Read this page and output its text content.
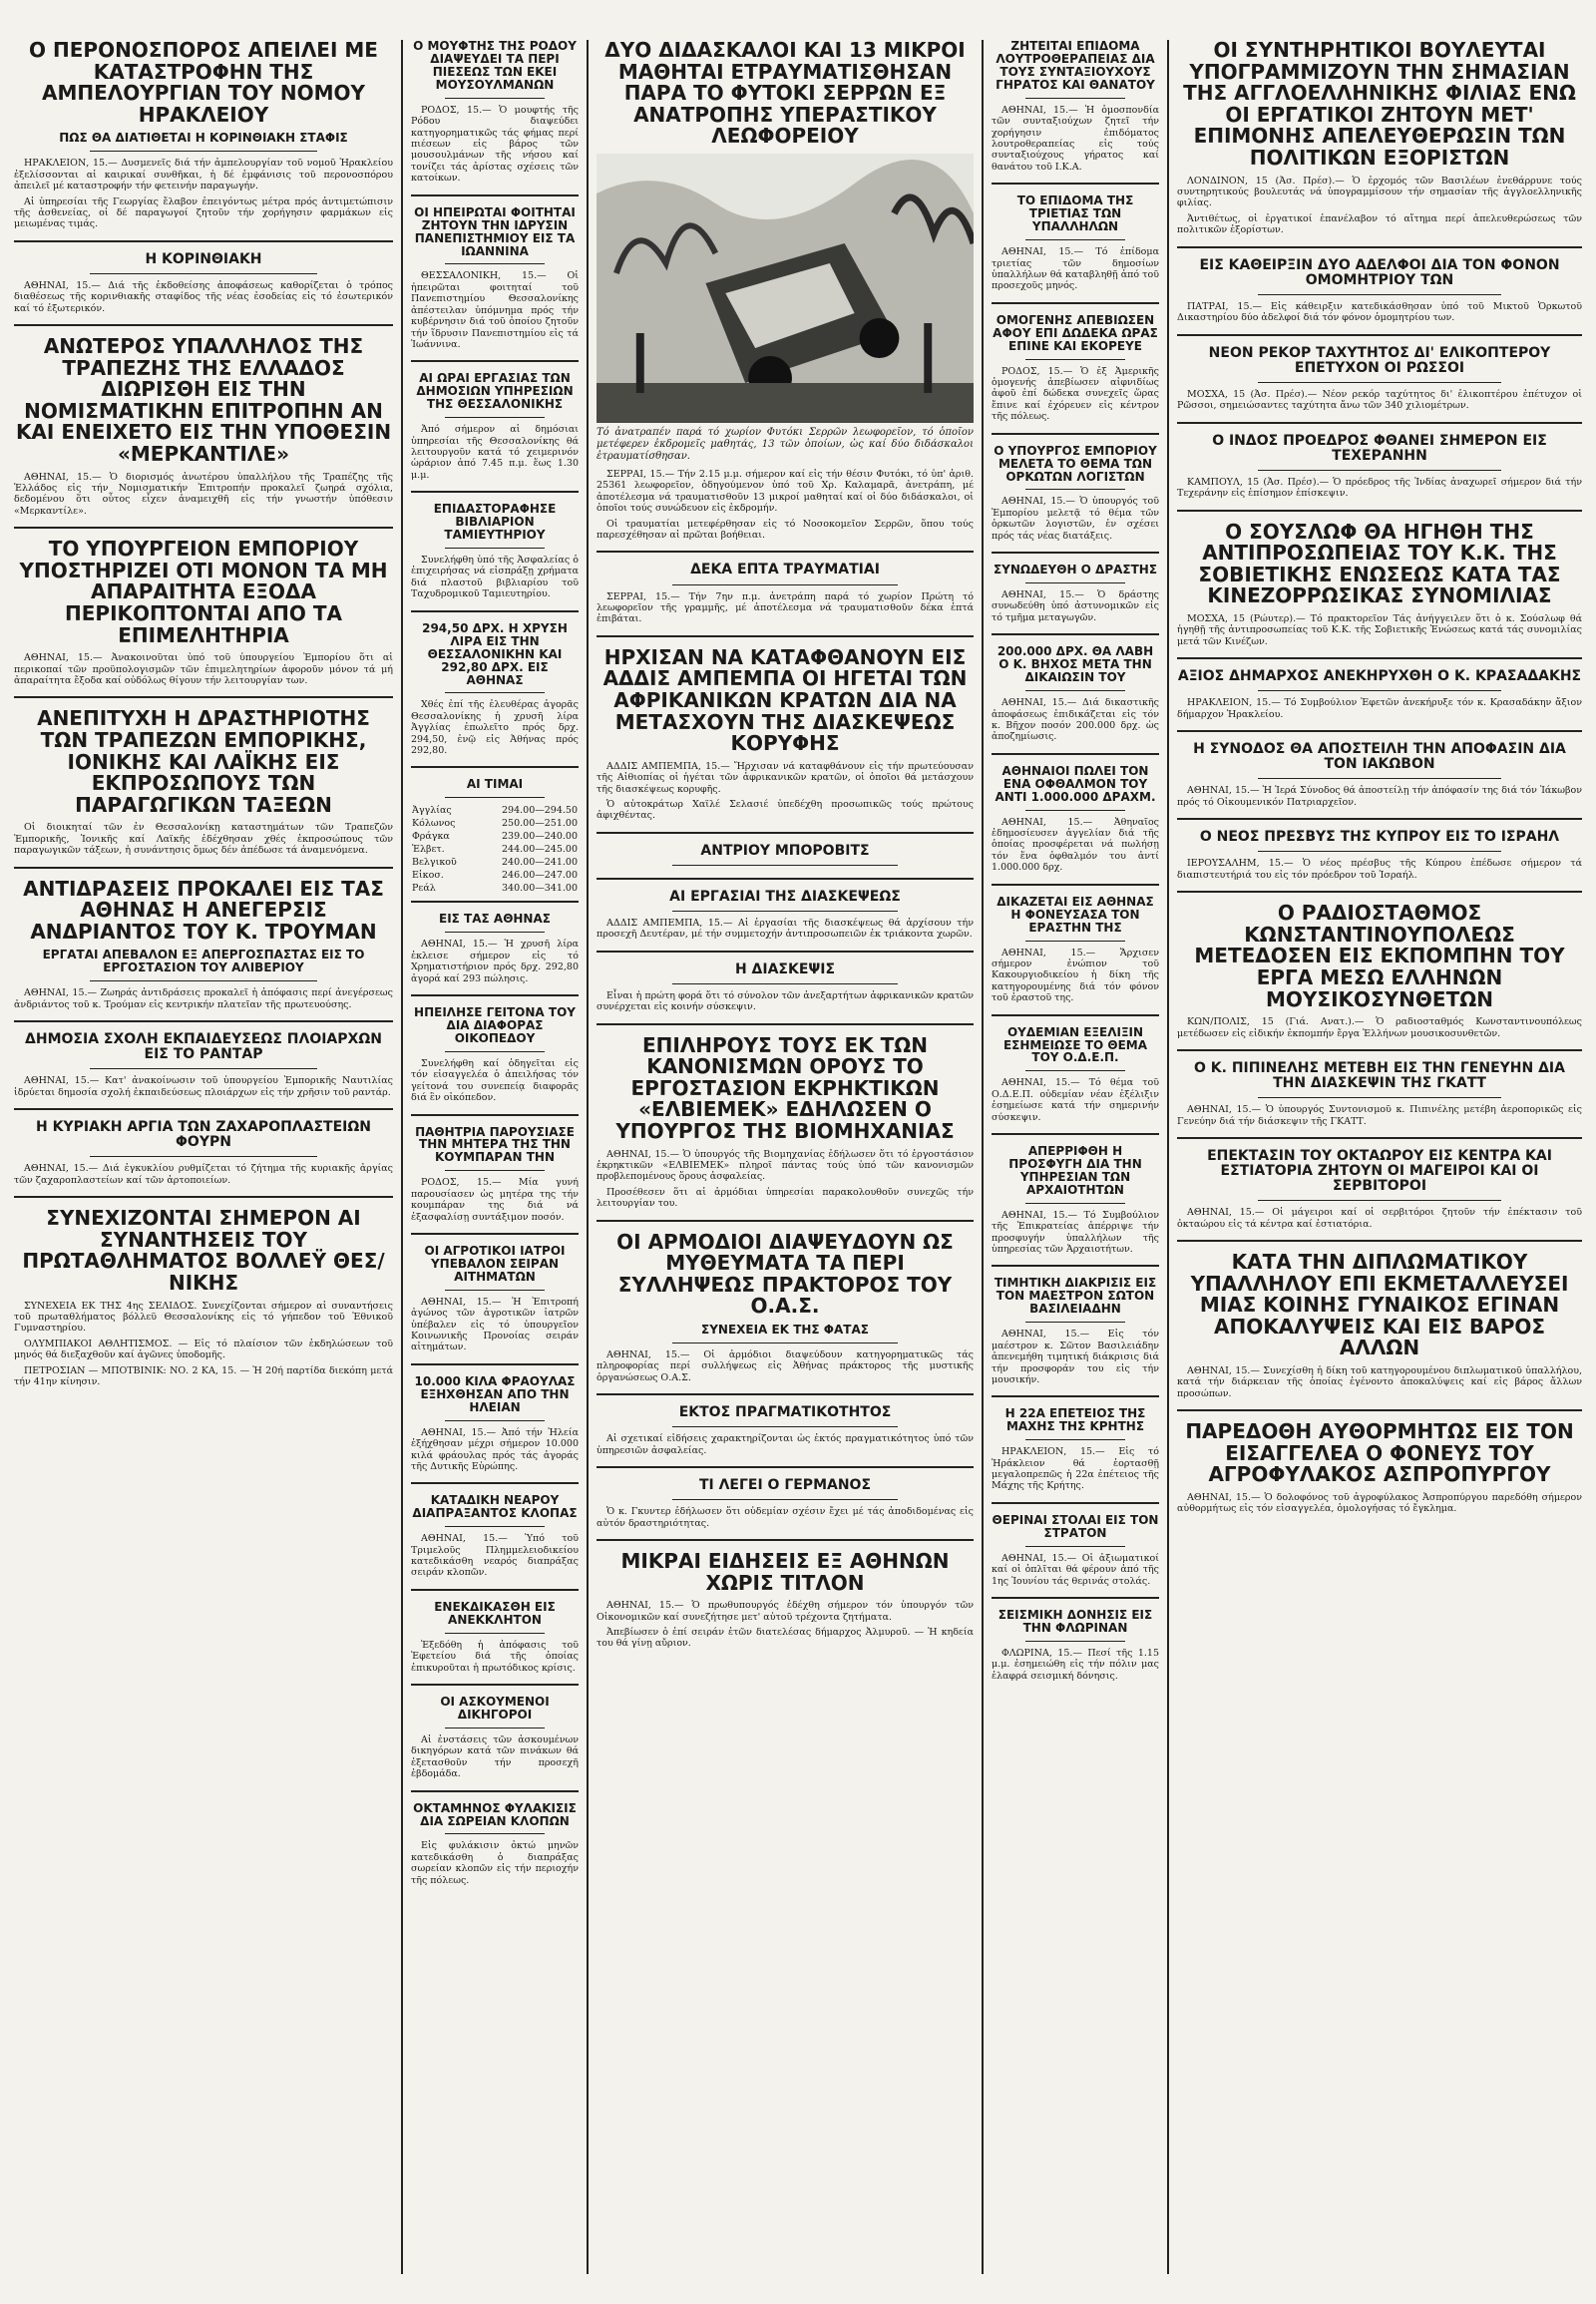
Ο ΠΕΡΟΝΟΣΠΟΡΟΣ ΑΠΕΙΛΕΙ ΜΕ ΚΑΤΑΣΤΡΟΦΗΝ ΤΗΣ ΑΜΠΕΛΟΥΡΓΙΑΝ ΤΟΥ ΝΟΜΟΥ ΗΡΑΚΛΕΙΟΥ
ΠΩΣ ΘΑ ΔΙΑΤΙΘΕΤΑΙ Η ΚΟΡΙΝΘΙΑΚΗ ΣΤΑΦΙΣ

ΗΡΑΚΛΕΙΟΝ, 15.— Δυσμενεῖς διά τήν ἀμπελουργίαν τοῦ νομοῦ Ἡρακλείου ἐξελίσσονται αἱ καιρικαί συνθῆκαι, ἡ δέ ἐμφάνισις τοῦ περονοσπόρου ἀπειλεῖ μέ καταστροφήν τήν φετεινήν παραγωγήν.

Αἱ ὑπηρεσίαι τῆς Γεωργίας ἔλαβον ἐπειγόντως μέτρα πρός ἀντιμετώπισιν τῆς ἀσθενείας, οἱ δέ παραγωγοί ζητοῦν τήν χορήγησιν φαρμάκων εἰς μειωμένας τιμάς.

Η ΚΟΡΙΝΘΙΑΚΗ

ΑΘΗΝΑΙ, 15.— Διά τῆς ἐκδοθείσης ἀποφάσεως καθορίζεται ὁ τρόπος διαθέσεως τῆς κορινθιακῆς σταφίδος τῆς νέας ἐσοδείας εἰς τό ἐσωτερικόν καί τό ἐξωτερικόν.

ΑΝΩΤΕΡΟΣ ΥΠΑΛΛΗΛΟΣ ΤΗΣ ΤΡΑΠΕΖΗΣ ΤΗΣ ΕΛΛΑΔΟΣ ΔΙΩΡΙΣΘΗ ΕΙΣ ΤΗΝ ΝΟΜΙΣΜΑΤΙΚΗΝ ΕΠΙΤΡΟΠΗΝ ΑΝ ΚΑΙ ΕΝΕΙΧΕΤΟ ΕΙΣ ΤΗΝ ΥΠΟΘΕΣΙΝ «ΜΕΡΚΑΝΤΙΛΕ»

ΑΘΗΝΑΙ, 15.— Ὁ διορισμός ἀνωτέρου ὑπαλλήλου τῆς Τραπέζης τῆς Ἑλλάδος εἰς τήν Νομισματικήν Ἐπιτροπήν προκαλεῖ ζωηρά σχόλια, δεδομένου ὅτι οὗτος εἶχεν ἀναμειχθῆ εἰς τήν γνωστήν ὑπόθεσιν «Μερκαντίλε».

ΤΟ ΥΠΟΥΡΓΕΙΟΝ ΕΜΠΟΡΙΟΥ ΥΠΟΣΤΗΡΙΖΕΙ ΟΤΙ ΜΟΝΟΝ ΤΑ ΜΗ ΑΠΑΡΑΙΤΗΤΑ ΕΞΟΔΑ ΠΕΡΙΚΟΠΤΟΝΤΑΙ ΑΠΟ ΤΑ ΕΠΙΜΕΛΗΤΗΡΙΑ

ΑΘΗΝΑΙ, 15.— Ἀνακοινοῦται ὑπό τοῦ ὑπουργείου Ἐμπορίου ὅτι αἱ περικοπαί τῶν προϋπολογισμῶν τῶν ἐπιμελητηρίων ἀφοροῦν μόνον τά μή ἀπαραίτητα ἔξοδα καί οὐδόλως θίγουν τήν λειτουργίαν των.

ΑΝΕΠΙΤΥΧΗ Η ΔΡΑΣΤΗΡΙΟΤΗΣ ΤΩΝ ΤΡΑΠΕΖΩΝ ΕΜΠΟΡΙΚΗΣ, ΙΟΝΙΚΗΣ ΚΑΙ ΛΑΪΚΗΣ ΕΙΣ ΕΚΠΡΟΣΩΠΟΥΣ ΤΩΝ ΠΑΡΑΓΩΓΙΚΩΝ ΤΑΞΕΩΝ

Οἱ διοικηταί τῶν ἐν Θεσσαλονίκῃ καταστημάτων τῶν Τραπεζῶν Ἐμπορικῆς, Ἰονικῆς καί Λαϊκῆς ἐδέχθησαν χθές ἐκπροσώπους τῶν παραγωγικῶν τάξεων, ἡ συνάντησις ὅμως δέν ἀπέδωσε τά ἀναμενόμενα.

ΑΝΤΙΔΡΑΣΕΙΣ ΠΡΟΚΑΛΕΙ ΕΙΣ ΤΑΣ ΑΘΗΝΑΣ Η ΑΝΕΓΕΡΣΙΣ ΑΝΔΡΙΑΝΤΟΣ ΤΟΥ Κ. ΤΡΟΥΜΑΝ
ΕΡΓΑΤΑΙ ΑΠΕΒΑΛΟΝ ΕΞ ΑΠΕΡΓΟΣΠΑΣΤΑΣ ΕΙΣ ΤΟ ΕΡΓΟΣΤΑΣΙΟΝ ΤΟΥ ΑΛΙΒΕΡΙΟΥ

ΑΘΗΝΑΙ, 15.— Ζωηράς ἀντιδράσεις προκαλεῖ ἡ ἀπόφασις περί ἀνεγέρσεως ἀνδριάντος τοῦ κ. Τρούμαν εἰς κεντρικήν πλατεῖαν τῆς πρωτευούσης.

ΔΗΜΟΣΙΑ ΣΧΟΛΗ ΕΚΠΑΙΔΕΥΣΕΩΣ ΠΛΟΙΑΡΧΩΝ ΕΙΣ ΤΟ ΡΑΝΤΑΡ

ΑΘΗΝΑΙ, 15.— Κατ' ἀνακοίνωσιν τοῦ ὑπουργείου Ἐμπορικῆς Ναυτιλίας ἱδρύεται δημοσία σχολή ἐκπαιδεύσεως πλοιάρχων εἰς τήν χρῆσιν τοῦ ραντάρ.

Η ΚΥΡΙΑΚΗ ΑΡΓΙΑ ΤΩΝ ΖΑΧΑΡΟΠΛΑΣΤΕΙΩΝ ΦΟΥΡΝ

ΑΘΗΝΑΙ, 15.— Διά ἐγκυκλίου ρυθμίζεται τό ζήτημα τῆς κυριακῆς ἀργίας τῶν ζαχαροπλαστείων καί τῶν ἀρτοποιείων.

ΣΥΝΕΧΙΖΟΝΤΑΙ ΣΗΜΕΡΟΝ ΑΙ ΣΥΝΑΝΤΗΣΕΙΣ ΤΟΥ ΠΡΩΤΑΘΛΗΜΑΤΟΣ ΒΟΛΛΕΫ ΘΕΣ/ΝΙΚΗΣ

ΣΥΝΕΧΕΙΑ ΕΚ ΤΗΣ 4ης ΣΕΛΙΔΟΣ. Συνεχίζονται σήμερον αἱ συναντήσεις τοῦ πρωταθλήματος βόλλεϋ Θεσσαλονίκης εἰς τό γήπεδον τοῦ Ἐθνικοῦ Γυμναστηρίου.

ΟΛΥΜΠΙΑΚΟΙ ΑΘΛΗΤΙΣΜΟΣ. — Εἰς τό πλαίσιον τῶν ἐκδηλώσεων τοῦ μηνός θά διεξαχθοῦν καί ἀγῶνες ὑποδομῆς.

ΠΕΤΡΟΣΙΑΝ — ΜΠΟΤΒΙΝΙΚ: ΝΟ. 2 ΚΑ, 15. — Ἡ 20ή παρτίδα διεκόπη μετά τήν 41ην κίνησιν.

Ο ΜΟΥΦΤΗΣ ΤΗΣ ΡΟΔΟΥ ΔΙΑΨΕΥΔΕΙ ΤΑ ΠΕΡΙ ΠΙΕΣΕΩΣ ΤΩΝ ΕΚΕΙ ΜΟΥΣΟΥΛΜΑΝΩΝ

ΡΟΔΟΣ, 15.— Ὁ μουφτής τῆς Ρόδου διαψεύδει κατηγορηματικῶς τάς φήμας περί πιέσεων εἰς βάρος τῶν μουσουλμάνων τῆς νήσου καί τονίζει τάς ἀρίστας σχέσεις τῶν κατοίκων.

ΟΙ ΗΠΕΙΡΩΤΑΙ ΦΟΙΤΗΤΑΙ ΖΗΤΟΥΝ ΤΗΝ ΙΔΡΥΣΙΝ ΠΑΝΕΠΙΣΤΗΜΙΟΥ ΕΙΣ ΤΑ ΙΩΑΝΝΙΝΑ

ΘΕΣΣΑΛΟΝΙΚΗ, 15.— Οἱ ἠπειρῶται φοιτηταί τοῦ Πανεπιστημίου Θεσσαλονίκης ἀπέστειλαν ὑπόμνημα πρός τήν κυβέρνησιν διά τοῦ ὁποίου ζητοῦν τήν ἵδρυσιν Πανεπιστημίου εἰς τά Ἰωάννινα.

ΑΙ ΩΡΑΙ ΕΡΓΑΣΙΑΣ ΤΩΝ ΔΗΜΟΣΙΩΝ ΥΠΗΡΕΣΙΩΝ ΤΗΣ ΘΕΣΣΑΛΟΝΙΚΗΣ

Ἀπό σήμερον αἱ δημόσιαι ὑπηρεσίαι τῆς Θεσσαλονίκης θά λειτουργοῦν κατά τό χειμερινόν ὡράριον ἀπό 7.45 π.μ. ἕως 1.30 μ.μ.

ΕΠΙΔΑΣΤΟΡΑΦΗΣΕ ΒΙΒΛΙΑΡΙΟΝ ΤΑΜΙΕΥΤΗΡΙΟΥ

Συνελήφθη ὑπό τῆς Ἀσφαλείας ὁ ἐπιχειρήσας νά εἰσπράξῃ χρήματα διά πλαστοῦ βιβλιαρίου τοῦ Ταχυδρομικοῦ Ταμιευτηρίου.

294,50 ΔΡΧ. Η ΧΡΥΣΗ ΛΙΡΑ ΕΙΣ ΤΗΝ ΘΕΣΣΑΛΟΝΙΚΗΝ ΚΑΙ 292,80 ΔΡΧ. ΕΙΣ ΑΘΗΝΑΣ

Χθές ἐπί τῆς ἐλευθέρας ἀγορᾶς Θεσσαλονίκης ἡ χρυσῆ λίρα Ἀγγλίας ἐπωλεῖτο πρός δρχ. 294,50, ἐνῷ εἰς Ἀθήνας πρός 292,80.

ΑΙ ΤΙΜΑΙ
Ἀγγλίας	294.00—294.50
Κόλωνος	250.00—251.00
Φράγκα	239.00—240.00
Ἑλβετ.	244.00—245.00
Βελγικοῦ	240.00—241.00
Εἰκοσ.	246.00—247.00
Ρεάλ	340.00—341.00
ΕΙΣ ΤΑΣ ΑΘΗΝΑΣ

ΑΘΗΝΑΙ, 15.— Ἡ χρυσῆ λίρα ἐκλεισε σήμερον εἰς τό Χρηματιστήριον πρός δρχ. 292,80 ἀγορά καί 293 πώλησις.

ΗΠΕΙΛΗΣΕ ΓΕΙΤΟΝΑ ΤΟΥ ΔΙΑ ΔΙΑΦΟΡΑΣ ΟΙΚΟΠΕΔΟΥ

Συνελήφθη καί ὁδηγεῖται εἰς τόν εἰσαγγελέα ὁ ἀπειλήσας τόν γείτονά του συνεπείᾳ διαφορᾶς διά ἓν οἰκόπεδον.

ΠΑΘΗΤΡΙΑ ΠΑΡΟΥΣΙΑΣΕ ΤΗΝ ΜΗΤΕΡΑ ΤΗΣ ΤΗΝ ΚΟΥΜΠΑΡΑΝ ΤΗΝ

ΡΟΔΟΣ, 15.— Μία γυνή παρουσίασεν ὡς μητέρα της τήν κουμπάραν της διά νά ἐξασφαλίσῃ συντάξιμον ποσόν.

ΟΙ ΑΓΡΟΤΙΚΟΙ ΙΑΤΡΟΙ ΥΠΕΒΑΛΟΝ ΣΕΙΡΑΝ ΑΙΤΗΜΑΤΩΝ

ΑΘΗΝΑΙ, 15.— Ἡ Ἐπιτροπή ἀγώνος τῶν ἀγροτικῶν ἰατρῶν ὑπέβαλεν εἰς τό ὑπουργεῖον Κοινωνικῆς Προνοίας σειράν αἰτημάτων.

10.000 ΚΙΛΑ ΦΡΑΟΥΛΑΣ ΕΞΗΧΘΗΣΑΝ ΑΠΟ ΤΗΝ ΗΛΕΙΑΝ

ΑΘΗΝΑΙ, 15.— Ἀπό τήν Ἠλεία ἐξήχθησαν μέχρι σήμερον 10.000 κιλά φράουλας πρός τάς ἀγοράς τῆς Δυτικῆς Εὐρώπης.

ΚΑΤΑΔΙΚΗ ΝΕΑΡΟΥ ΔΙΑΠΡΑΞΑΝΤΟΣ ΚΛΟΠΑΣ

ΑΘΗΝΑΙ, 15.— Ὑπό τοῦ Τριμελοῦς Πλημμελειοδικείου κατεδικάσθη νεαρός διαπράξας σειράν κλοπῶν.

ΕΝΕΚΔΙΚΑΣΘΗ ΕΙΣ ΑΝΕΚΚΛΗΤΟΝ

Ἐξεδόθη ἡ ἀπόφασις τοῦ Ἐφετείου διά τῆς ὁποίας ἐπικυροῦται ἡ πρωτόδικος κρίσις.

ΟΙ ΑΣΚΟΥΜΕΝΟΙ ΔΙΚΗΓΟΡΟΙ

Αἱ ἐνστάσεις τῶν ἀσκουμένων δικηγόρων κατά τῶν πινάκων θά ἐξετασθοῦν τήν προσεχῆ ἑβδομάδα.

ΟΚΤΑΜΗΝΟΣ ΦΥΛΑΚΙΣΙΣ ΔΙΑ ΣΩΡΕΙΑΝ ΚΛΟΠΩΝ

Εἰς φυλάκισιν ὀκτώ μηνῶν κατεδικάσθη ὁ διαπράξας σωρείαν κλοπῶν εἰς τήν περιοχήν τῆς πόλεως.

ΔΥΟ ΔΙΔΑΣΚΑΛΟΙ ΚΑΙ 13 ΜΙΚΡΟΙ ΜΑΘΗΤΑΙ ΕΤΡΑΥΜΑΤΙΣΘΗΣΑΝ ΠΑΡΑ ΤΟ ΦΥΤΟΚΙ ΣΕΡΡΩΝ ΕΞ ΑΝΑΤΡΟΠΗΣ ΥΠΕΡΑΣΤΙΚΟΥ ΛΕΩΦΟΡΕΙΟΥ
Τό ἀνατραπέν παρά τό χωρίον Φυτόκι Σερρῶν λεωφορεῖον, τό ὁποῖον μετέφερεν ἐκδρομεῖς μαθητάς, 13 τῶν ὁποίων, ὡς καί δύο διδάσκαλοι ἐτραυματίσθησαν.

ΣΕΡΡΑΙ, 15.— Τήν 2.15 μ.μ. σήμερον καί εἰς τήν θέσιν Φυτόκι, τό ὑπ' ἀριθ. 25361 λεωφορεῖον, ὁδηγούμενον ὑπό τοῦ Χρ. Καλαμαρᾶ, ἀνετράπη, μέ ἀποτέλεσμα νά τραυματισθοῦν 13 μικροί μαθηταί καί οἱ δύο διδάσκαλοι, οἱ ὁποῖοι τούς συνώδευον εἰς ἐκδρομήν.

Οἱ τραυματίαι μετεφέρθησαν εἰς τό Νοσοκομεῖον Σερρῶν, ὅπου τούς παρεσχέθησαν αἱ πρῶται βοήθειαι.

ΔΕΚΑ ΕΠΤΑ ΤΡΑΥΜΑΤΙΑΙ

ΣΕΡΡΑΙ, 15.— Τήν 7ην π.μ. ἀνετράπη παρά τό χωρίον Πρώτη τό λεωφορεῖον τῆς γραμμῆς, μέ ἀποτέλεσμα νά τραυματισθοῦν δέκα ἑπτά ἐπιβάται.

ΗΡΧΙΣΑΝ ΝΑ ΚΑΤΑΦΘΑΝΟΥΝ ΕΙΣ ΑΔΔΙΣ ΑΜΠΕΜΠΑ ΟΙ ΗΓΕΤΑΙ ΤΩΝ ΑΦΡΙΚΑΝΙΚΩΝ ΚΡΑΤΩΝ ΔΙΑ ΝΑ ΜΕΤΑΣΧΟΥΝ ΤΗΣ ΔΙΑΣΚΕΨΕΩΣ ΚΟΡΥΦΗΣ

ΑΔΔΙΣ ΑΜΠΕΜΠΑ, 15.— Ἤρχισαν νά καταφθάνουν εἰς τήν πρωτεύουσαν τῆς Αἰθιοπίας οἱ ἡγέται τῶν ἀφρικανικῶν κρατῶν, οἱ ὁποῖοι θά μετάσχουν τῆς διασκέψεως κορυφῆς.

Ὁ αὐτοκράτωρ Χαϊλέ Σελασιέ ὑπεδέχθη προσωπικῶς τούς πρώτους ἀφιχθέντας.

ΑΝΤΡΙΟΥ ΜΠΟΡΟΒΙΤΣ
ΑΙ ΕΡΓΑΣΙΑΙ ΤΗΣ ΔΙΑΣΚΕΨΕΩΣ

ΑΔΔΙΣ ΑΜΠΕΜΠΑ, 15.— Αἱ ἐργασίαι τῆς διασκέψεως θά ἀρχίσουν τήν προσεχῆ Δευτέραν, μέ τήν συμμετοχήν ἀντιπροσωπειῶν ἐκ τριάκοντα χωρῶν.

Η ΔΙΑΣΚΕΨΙΣ

Εἶναι ἡ πρώτη φορά ὅτι τό σύνολον τῶν ἀνεξαρτήτων ἀφρικανικῶν κρατῶν συνέρχεται εἰς κοινήν σύσκεψιν.

ΕΠΙΛΗΡΟΥΣ ΤΟΥΣ ΕΚ ΤΩΝ ΚΑΝΟΝΙΣΜΩΝ ΟΡΟΥΣ ΤΟ ΕΡΓΟΣΤΑΣΙΟΝ ΕΚΡΗΚΤΙΚΩΝ «ΕΛΒΙΕΜΕΚ» ΕΔΗΛΩΣΕΝ Ο ΥΠΟΥΡΓΟΣ ΤΗΣ ΒΙΟΜΗΧΑΝΙΑΣ

ΑΘΗΝΑΙ, 15.— Ὁ ὑπουργός τῆς Βιομηχανίας ἐδήλωσεν ὅτι τό ἐργοστάσιον ἐκρηκτικῶν «ΕΛΒΙΕΜΕΚ» πληροῖ πάντας τούς ὑπό τῶν κανονισμῶν προβλεπομένους ὅρους ἀσφαλείας.

Προσέθεσεν ὅτι αἱ ἁρμόδιαι ὑπηρεσίαι παρακολουθοῦν συνεχῶς τήν λειτουργίαν του.

ΟΙ ΑΡΜΟΔΙΟΙ ΔΙΑΨΕΥΔΟΥΝ ΩΣ ΜΥΘΕΥΜΑΤΑ ΤΑ ΠΕΡΙ ΣΥΛΛΗΨΕΩΣ ΠΡΑΚΤΟΡΟΣ ΤΟΥ Ο.Α.Σ.
ΣΥΝΕΧΕΙΑ ΕΚ ΤΗΣ ΦΑΤΑΣ

ΑΘΗΝΑΙ, 15.— Οἱ ἁρμόδιοι διαψεύδουν κατηγορηματικῶς τάς πληροφορίας περί συλλήψεως εἰς Ἀθήνας πράκτορος τῆς μυστικῆς ὀργανώσεως Ο.Α.Σ.

ΕΚΤΟΣ ΠΡΑΓΜΑΤΙΚΟΤΗΤΟΣ

Αἱ σχετικαί εἰδήσεις χαρακτηρίζονται ὡς ἐκτός πραγματικότητος ὑπό τῶν ὑπηρεσιῶν ἀσφαλείας.

ΤΙ ΛΕΓΕΙ Ο ΓΕΡΜΑΝΟΣ

Ὁ κ. Γκυντερ ἐδήλωσεν ὅτι οὐδεμίαν σχέσιν ἔχει μέ τάς ἀποδιδομένας εἰς αὐτόν δραστηριότητας.

ΜΙΚΡΑΙ ΕΙΔΗΣΕΙΣ ΕΞ ΑΘΗΝΩΝ ΧΩΡΙΣ ΤΙΤΛΟΝ

ΑΘΗΝΑΙ, 15.— Ὁ πρωθυπουργός ἐδέχθη σήμερον τόν ὑπουργόν τῶν Οἰκονομικῶν καί συνεζήτησε μετ' αὐτοῦ τρέχοντα ζητήματα.

Ἀπεβίωσεν ὁ ἐπί σειράν ἐτῶν διατελέσας δήμαρχος Ἀλμυροῦ. — Ἡ κηδεία του θά γίνῃ αὔριον.

ΖΗΤΕΙΤΑΙ ΕΠΙΔΟΜΑ ΛΟΥΤΡΟΘΕΡΑΠΕΙΑΣ ΔΙΑ ΤΟΥΣ ΣΥΝΤΑΞΙΟΥΧΟΥΣ ΓΗΡΑΤΟΣ ΚΑΙ ΘΑΝΑΤΟΥ

ΑΘΗΝΑΙ, 15.— Ἡ ὁμοσπονδία τῶν συνταξιούχων ζητεῖ τήν χορήγησιν ἐπιδόματος λουτροθεραπείας εἰς τούς συνταξιούχους γήρατος καί θανάτου τοῦ Ι.Κ.Α.

ΤΟ ΕΠΙΔΟΜΑ ΤΗΣ ΤΡΙΕΤΙΑΣ ΤΩΝ ΥΠΑΛΛΗΛΩΝ

ΑΘΗΝΑΙ, 15.— Τό ἐπίδομα τριετίας τῶν δημοσίων ὑπαλλήλων θά καταβληθῇ ἀπό τοῦ προσεχοῦς μηνός.

ΟΜΟΓΕΝΗΣ ΑΠΕΒΙΩΣΕΝ ΑΦΟΥ ΕΠΙ ΔΩΔΕΚΑ ΩΡΑΣ ΕΠΙΝΕ ΚΑΙ ΕΚΟΡΕΥΕ

ΡΟΔΟΣ, 15.— Ὁ ἐξ Ἀμερικῆς ὁμογενής ἀπεβίωσεν αἰφνιδίως ἀφοῦ ἐπί δώδεκα συνεχεῖς ὥρας ἔπινε καί ἐχόρευεν εἰς κέντρον τῆς πόλεως.

Ο ΥΠΟΥΡΓΟΣ ΕΜΠΟΡΙΟΥ ΜΕΛΕΤΑ ΤΟ ΘΕΜΑ ΤΩΝ ΟΡΚΩΤΩΝ ΛΟΓΙΣΤΩΝ

ΑΘΗΝΑΙ, 15.— Ὁ ὑπουργός τοῦ Ἐμπορίου μελετᾷ τό θέμα τῶν ὁρκωτῶν λογιστῶν, ἐν σχέσει πρός τάς νέας διατάξεις.

ΣΥΝΩΔΕΥΘΗ Ο ΔΡΑΣΤΗΣ

ΑΘΗΝΑΙ, 15.— Ὁ δράστης συνωδεύθη ὑπό ἀστυνομικῶν εἰς τό τμῆμα μεταγωγῶν.

200.000 ΔΡΧ. ΘΑ ΛΑΒΗ Ο Κ. ΒΗΧΟΣ ΜΕΤΑ ΤΗΝ ΔΙΚΑΙΩΣΙΝ ΤΟΥ

ΑΘΗΝΑΙ, 15.— Διά δικαστικῆς ἀποφάσεως ἐπιδικάζεται εἰς τόν κ. Βῆχον ποσόν 200.000 δρχ. ὡς ἀποζημίωσις.

ΑΘΗΝΑΙΟΙ ΠΩΛΕΙ ΤΟΝ ΕΝΑ ΟΦΘΑΛΜΟΝ ΤΟΥ ΑΝΤΙ 1.000.000 ΔΡΑΧΜ.

ΑΘΗΝΑΙ, 15.— Ἀθηναῖος ἐδημοσίευσεν ἀγγελίαν διά τῆς ὁποίας προσφέρεται νά πωλήσῃ τόν ἕνα ὀφθαλμόν του ἀντί 1.000.000 δρχ.

ΔΙΚΑΖΕΤΑΙ ΕΙΣ ΑΘΗΝΑΣ Η ΦΟΝΕΥΣΑΣΑ ΤΟΝ ΕΡΑΣΤΗΝ ΤΗΣ

ΑΘΗΝΑΙ, 15.— Ἄρχισεν σήμερον ἐνώπιον τοῦ Κακουργιοδικείου ἡ δίκη τῆς κατηγορουμένης διά τόν φόνον τοῦ ἐραστοῦ της.

ΟΥΔΕΜΙΑΝ ΕΞΕΛΙΞΙΝ ΕΣΗΜΕΙΩΣΕ ΤΟ ΘΕΜΑ ΤΟΥ Ο.Δ.Ε.Π.

ΑΘΗΝΑΙ, 15.— Τό θέμα τοῦ Ο.Δ.Ε.Π. οὐδεμίαν νέαν ἐξέλιξιν ἐσημείωσε κατά τήν σημερινήν σύσκεψιν.

ΑΠΕΡΡΙΦΘΗ Η ΠΡΟΣΦΥΓΗ ΔΙΑ ΤΗΝ ΥΠΗΡΕΣΙΑΝ ΤΩΝ ΑΡΧΑΙΟΤΗΤΩΝ

ΑΘΗΝΑΙ, 15.— Τό Συμβούλιον τῆς Ἐπικρατείας ἀπέρριψε τήν προσφυγήν ὑπαλλήλων τῆς ὑπηρεσίας τῶν Ἀρχαιοτήτων.

ΤΙΜΗΤΙΚΗ ΔΙΑΚΡΙΣΙΣ ΕΙΣ ΤΟΝ ΜΑΕΣΤΡΟΝ ΣΩΤΟΝ ΒΑΣΙΛΕΙΑΔΗΝ

ΑΘΗΝΑΙ, 15.— Εἰς τόν μαέστρον κ. Σῶτον Βασιλειάδην ἀπενεμήθη τιμητική διάκρισις διά τήν προσφοράν του εἰς τήν μουσικήν.

Η 22Α ΕΠΕΤΕΙΟΣ ΤΗΣ ΜΑΧΗΣ ΤΗΣ ΚΡΗΤΗΣ

ΗΡΑΚΛΕΙΟΝ, 15.— Εἰς τό Ἡράκλειον θά ἑορτασθῇ μεγαλοπρεπῶς ἡ 22α ἐπέτειος τῆς Μάχης τῆς Κρήτης.

ΘΕΡΙΝΑΙ ΣΤΟΛΑΙ ΕΙΣ ΤΟΝ ΣΤΡΑΤΟΝ

ΑΘΗΝΑΙ, 15.— Οἱ ἀξιωματικοί καί οἱ ὁπλῖται θά φέρουν ἀπό τῆς 1ης Ἰουνίου τάς θερινάς στολάς.

ΣΕΙΣΜΙΚΗ ΔΟΝΗΣΙΣ ΕΙΣ ΤΗΝ ΦΛΩΡΙΝΑΝ

ΦΛΩΡΙΝΑ, 15.— Πεσί τῆς 1.15 μ.μ. ἐσημειώθη εἰς τήν πόλιν μας ἐλαφρά σεισμική δόνησις.

ΟΙ ΣΥΝΤΗΡΗΤΙΚΟΙ ΒΟΥΛΕΥΤΑΙ ΥΠΟΓΡΑΜΜΙΖΟΥΝ ΤΗΝ ΣΗΜΑΣΙΑΝ ΤΗΣ ΑΓΓΛΟΕΛΛΗΝΙΚΗΣ ΦΙΛΙΑΣ ΕΝΩ ΟΙ ΕΡΓΑΤΙΚΟΙ ΖΗΤΟΥΝ ΜΕΤ' ΕΠΙΜΟΝΗΣ ΑΠΕΛΕΥΘΕΡΩΣΙΝ ΤΩΝ ΠΟΛΙΤΙΚΩΝ ΕΞΟΡΙΣΤΩΝ

ΛΟΝΔΙΝΟΝ, 15 (Ἀσ. Πρέσ).— Ὁ ἐρχομός τῶν Βασιλέων ἐνεθάρρυνε τούς συντηρητικούς βουλευτάς νά ὑπογραμμίσουν τήν σημασίαν τῆς ἀγγλοελληνικῆς φιλίας.

Ἀντιθέτως, οἱ ἐργατικοί ἐπανέλαβον τό αἴτημα περί ἀπελευθερώσεως τῶν πολιτικῶν ἐξορίστων.

ΕΙΣ ΚΑΘΕΙΡΞΙΝ ΔΥΟ ΑΔΕΛΦΟΙ ΔΙΑ ΤΟΝ ΦΟΝΟΝ ΟΜΟΜΗΤΡΙΟΥ ΤΩΝ

ΠΑΤΡΑΙ, 15.— Εἰς κάθειρξιν κατεδικάσθησαν ὑπό τοῦ Μικτοῦ Ὁρκωτοῦ Δικαστηρίου δύο ἀδελφοί διά τόν φόνον ὁμομητρίου των.

ΝΕΟΝ ΡΕΚΟΡ ΤΑΧΥΤΗΤΟΣ ΔΙ' ΕΛΙΚΟΠΤΕΡΟΥ ΕΠΕΤΥΧΟΝ ΟΙ ΡΩΣΣΟΙ

ΜΟΣΧΑ, 15 (Ἀσ. Πρέσ).— Νέον ρεκόρ ταχύτητος δι' ἑλικοπτέρου ἐπέτυχον οἱ Ρῶσσοι, σημειώσαντες ταχύτητα ἄνω τῶν 340 χιλιομέτρων.

Ο ΙΝΔΟΣ ΠΡΟΕΔΡΟΣ ΦΘΑΝΕΙ ΣΗΜΕΡΟΝ ΕΙΣ ΤΕΧΕΡΑΝΗΝ

ΚΑΜΠΟΥΛ, 15 (Ἀσ. Πρέσ).— Ὁ πρόεδρος τῆς Ἰνδίας ἀναχωρεῖ σήμερον διά τήν Τεχεράνην εἰς ἐπίσημον ἐπίσκεψιν.

Ο ΣΟΥΣΛΩΦ ΘΑ ΗΓΗΘΗ ΤΗΣ ΑΝΤΙΠΡΟΣΩΠΕΙΑΣ ΤΟΥ Κ.Κ. ΤΗΣ ΣΟΒΙΕΤΙΚΗΣ ΕΝΩΣΕΩΣ ΚΑΤΑ ΤΑΣ ΚΙΝΕΖΟΡΡΩΣΙΚΑΣ ΣΥΝΟΜΙΛΙΑΣ

ΜΟΣΧΑ, 15 (Ρώυτερ).— Τό πρακτορεῖον Τάς ἀνήγγειλεν ὅτι ὁ κ. Σούσλωφ θά ἡγηθῇ τῆς ἀντιπροσωπείας τοῦ Κ.Κ. τῆς Σοβιετικῆς Ἑνώσεως κατά τάς συνομιλίας μετά τῶν Κινέζων.

ΑΞΙΟΣ ΔΗΜΑΡΧΟΣ ΑΝΕΚΗΡΥΧΘΗ Ο Κ. ΚΡΑΣΑΔΑΚΗΣ

ΗΡΑΚΛΕΙΟΝ, 15.— Τό Συμβούλιον Ἐφετῶν ἀνεκήρυξε τόν κ. Κρασαδάκην ἄξιον δήμαρχον Ἡρακλείου.

Η ΣΥΝΟΔΟΣ ΘΑ ΑΠΟΣΤΕΙΛΗ ΤΗΝ ΑΠΟΦΑΣΙΝ ΔΙΑ ΤΟΝ ΙΑΚΩΒΟΝ

ΑΘΗΝΑΙ, 15.— Ἡ Ἱερά Σύνοδος θά ἀποστείλῃ τήν ἀπόφασίν της διά τόν Ἰάκωβον πρός τό Οἰκουμενικόν Πατριαρχεῖον.

Ο ΝΕΟΣ ΠΡΕΣΒΥΣ ΤΗΣ ΚΥΠΡΟΥ ΕΙΣ ΤΟ ΙΣΡΑΗΛ

ΙΕΡΟΥΣΑΛΗΜ, 15.— Ὁ νέος πρέσβυς τῆς Κύπρου ἐπέδωσε σήμερον τά διαπιστευτήριά του εἰς τόν πρόεδρον τοῦ Ἰσραήλ.

Ο ΡΑΔΙΟΣΤΑΘΜΟΣ ΚΩΝΣΤΑΝΤΙΝΟΥΠΟΛΕΩΣ ΜΕΤΕΔΟΣΕΝ ΕΙΣ ΕΚΠΟΜΠΗΝ ΤΟΥ ΕΡΓΑ ΜΕΣΩ ΕΛΛΗΝΩΝ ΜΟΥΣΙΚΟΣΥΝΘΕΤΩΝ

ΚΩΝ/ΠΟΛΙΣ, 15 (Γιά. Ανατ.).— Ὁ ραδιοσταθμός Κωνσταντινουπόλεως μετέδωσεν εἰς εἰδικήν ἐκπομπήν ἔργα Ἑλλήνων μουσικοσυνθετῶν.

Ο Κ. ΠΙΠΙΝΕΛΗΣ ΜΕΤΕΒΗ ΕΙΣ ΤΗΝ ΓΕΝΕΥΗΝ ΔΙΑ ΤΗΝ ΔΙΑΣΚΕΨΙΝ ΤΗΣ ΓΚΑΤΤ

ΑΘΗΝΑΙ, 15.— Ὁ ὑπουργός Συντονισμοῦ κ. Πιπινέλης μετέβη ἀεροπορικῶς εἰς Γενεύην διά τήν διάσκεψιν τῆς ΓΚΑΤΤ.

ΕΠΕΚΤΑΣΙΝ ΤΟΥ ΟΚΤΑΩΡΟΥ ΕΙΣ ΚΕΝΤΡΑ ΚΑΙ ΕΣΤΙΑΤΟΡΙΑ ΖΗΤΟΥΝ ΟΙ ΜΑΓΕΙΡΟΙ ΚΑΙ ΟΙ ΣΕΡΒΙΤΟΡΟΙ

ΑΘΗΝΑΙ, 15.— Οἱ μάγειροι καί οἱ σερβιτόροι ζητοῦν τήν ἐπέκτασιν τοῦ ὀκταώρου εἰς τά κέντρα καί ἑστιατόρια.

ΚΑΤΑ ΤΗΝ ΔΙΠΛΩΜΑΤΙΚΟΥ ΥΠΑΛΛΗΛΟΥ ΕΠΙ ΕΚΜΕΤΑΛΛΕΥΣΕΙ ΜΙΑΣ ΚΟΙΝΗΣ ΓΥΝΑΙΚΟΣ ΕΓΙΝΑΝ ΑΠΟΚΑΛΥΨΕΙΣ ΚΑΙ ΕΙΣ ΒΑΡΟΣ ΑΛΛΩΝ

ΑΘΗΝΑΙ, 15.— Συνεχίσθη ἡ δίκη τοῦ κατηγορουμένου διπλωματικοῦ ὑπαλλήλου, κατά τήν διάρκειαν τῆς ὁποίας ἐγένοντο ἀποκαλύψεις καί εἰς βάρος ἄλλων προσώπων.

ΠΑΡΕΔΟΘΗ ΑΥΘΟΡΜΗΤΩΣ ΕΙΣ ΤΟΝ ΕΙΣΑΓΓΕΛΕΑ Ο ΦΟΝΕΥΣ ΤΟΥ ΑΓΡΟΦΥΛΑΚΟΣ ΑΣΠΡΟΠΥΡΓΟΥ

ΑΘΗΝΑΙ, 15.— Ὁ δολοφόνος τοῦ ἀγροφύλακος Ἀσπροπύργου παρεδόθη σήμερον αὐθορμήτως εἰς τόν εἰσαγγελέα, ὁμολογήσας τό ἔγκλημα.
